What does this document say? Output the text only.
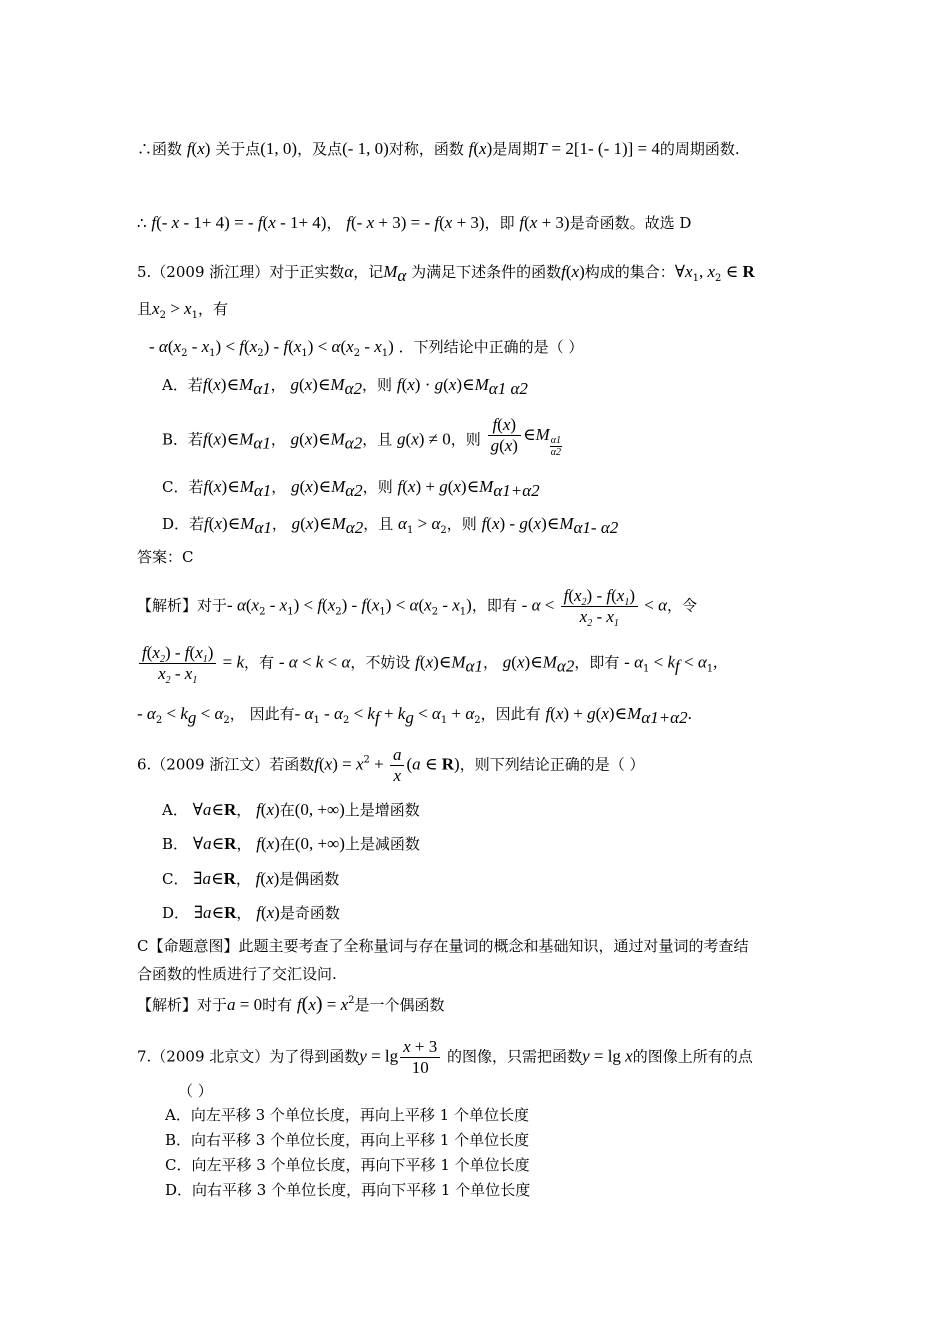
∴函数 f(x) 关于点(1, 0)，及点(- 1, 0)对称，函数 f(x)是周期T = 2[1- (- 1)] = 4的周期函数.
∴ f(- x - 1+ 4) = - f(x - 1+ 4)， f(- x + 3) = - f(x + 3)，即 f(x + 3)是奇函数。故选 D
5.（2009 浙江理）对于正实数α，记$M_\alpha$ 为满足下述条件的函数f(x)构成的集合：$\forall x_1$, $x_2$ ∈ R
且$x_2 > x_1$，有
- $\alpha(x_2 - x_1) < f(x_2) - f(x_1) < \alpha(x_2 - x_1)$ ．下列结论中正确的是（ ）
A．若$f(x)\in M_{\alpha 1}$， $g(x)\in M_{\alpha 2}$，则 $f(x) \cdot g(x)\in M_{\alpha 1 \alpha 2}$
B．若$f(x)\in M_{\alpha 1}$， $g(x)\in M_{\alpha 2}$，且 g(x) ≠ 0，则 $\frac{f(x)}{g(x)}$ ∈M
$\frac{\alpha 1}{\alpha 2}$
C．若$f(x)\in M_{\alpha 1}$， $g(x)\in M_{\alpha 2}$，则 $f(x) + g(x)\in M_{\alpha 1+\alpha 2}$
D．若$f(x)\in M_{\alpha 1}$， $g(x)\in M_{\alpha 2}$，且 $\alpha_1 > \alpha_2$，则 $f(x) - g(x)\in M_{\alpha 1- \alpha 2}$
答案：C
【解析】对于- $\alpha(x_2 - x_1) < f(x_2) - f(x_1) < \alpha(x_2 - x_1)$，即有 - $\alpha < \frac{f(x_2) - f(x_1)}{x_2 - x_1} < \alpha$，令
$\frac{f(x_2) - f(x_1)}{x_2 - x_1} = k$，有 - α < k < α，不妨设 $f(x)\in M_{\alpha 1}$， $g(x)\in M_{\alpha 2}$，即有 - $\alpha_1 < k_f < \alpha_1$,
- $\alpha_2 < k_g < \alpha_2$， 因此有- $\alpha_1 - \alpha_2 < k_f + k_g < \alpha_1 + \alpha_2$，因此有 $f(x) + g(x)\in M_{\alpha 1+\alpha 2}$.
6.（2009 浙江文）若函数$f(x) = x^2 + \frac{a}{x} (a$ ∈ R)，则下列结论正确的是（ ）
A． ∀a∈R， f(x)在(0, +∞)上是增函数
B． ∀a∈R， f(x)在(0, +∞)上是减函数
C． ∃a∈R， f(x)是偶函数
D． ∃a∈R， f(x)是奇函数
C【命题意图】此题主要考查了全称量词与存在量词的概念和基础知识，通过对量词的考查结
合函数的性质进行了交汇设问.
【解析】对于a = 0时有 $f(x) = x^2$是一个偶函数
7.（2009 北京文）为了得到函数$y = \lg \frac{x + 3}{10}$ 的图像，只需把函数y = lg x的图像上所有的点
（ ）
A．向左平移 3 个单位长度，再向上平移 1 个单位长度
B．向右平移 3 个单位长度，再向上平移 1 个单位长度
C．向左平移 3 个单位长度，再向下平移 1 个单位长度
D．向右平移 3 个单位长度，再向下平移 1 个单位长度
